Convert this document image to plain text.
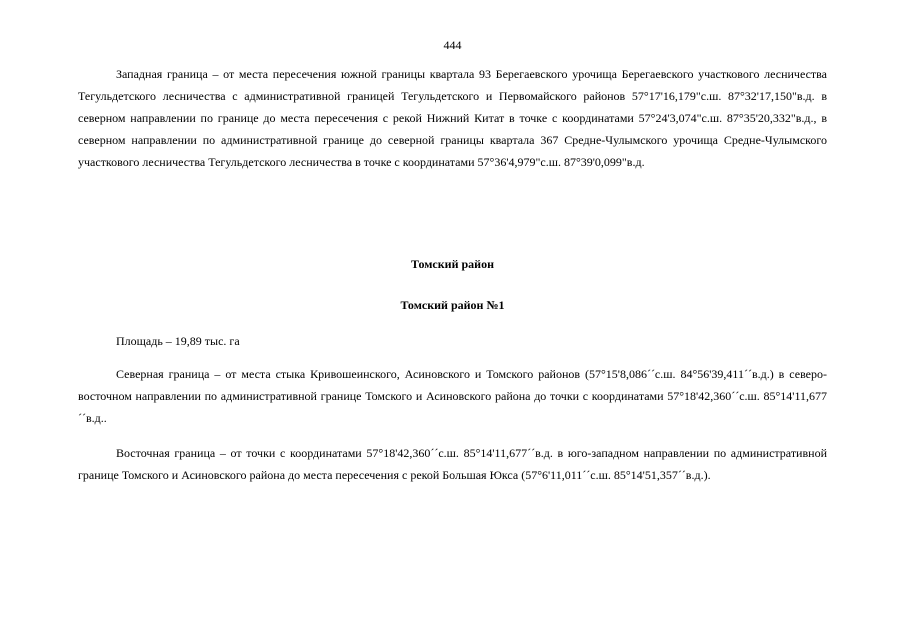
444

Западная граница – от места пересечения южной границы квартала 93 Берегаевского урочища Берегаевского участкового лесничества Тегульдетского лесничества с административной границей Тегульдетского и Первомайского районов 57°17'16,179"с.ш. 87°32'17,150"в.д. в северном направлении по границе до места пересечения с рекой Нижний Китат в точке с координатами 57°24'3,074"с.ш. 87°35'20,332"в.д., в северном направлении по административной границе до северной границы квартала 367 Средне-Чулымского урочища Средне-Чулымского участкового лесничества Тегульдетского лесничества в точке с координатами 57°36'4,979"с.ш. 87°39'0,099"в.д.

Томский район
Томский район №1
Площадь – 19,89 тыс. га

Северная граница – от места стыка Кривошеинского, Асиновского и Томского районов (57°15'8,086´´с.ш. 84°56'39,411´´в.д.) в северо-восточном направлении по административной границе Томского и Асиновского района до точки с координатами 57°18'42,360´´с.ш. 85°14'11,677´´в.д..

Восточная граница – от точки с координатами 57°18'42,360´´с.ш. 85°14'11,677´´в.д. в юго-западном направлении по административной границе Томского и Асиновского района до места пересечения с рекой Большая Юкса (57°6'11,011´´с.ш. 85°14'51,357´´в.д.).
